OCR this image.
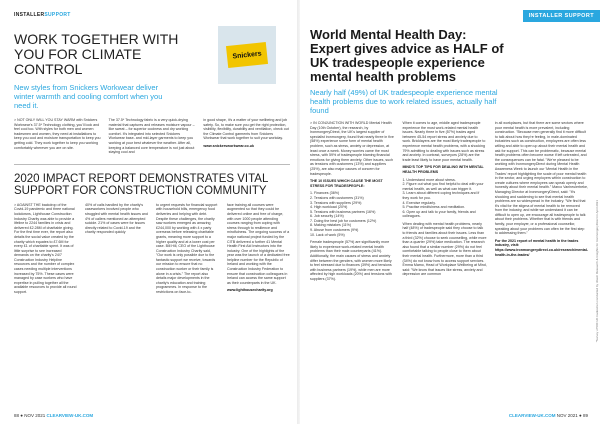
INSTALLERSUPPORT
Snickers
WORK TOGETHER WITH YOU FOR CLIMATE CONTROL
New styles from Snickers Workwear deliver winter warmth and cooling comfort when you need it.

> NOT ONLY WILL YOU STAY WARM with Snickers Workwear's 37.5* Technology clothing, you'll look and feel cool too. With styles for both men and women tradesmen and women, they need at installations to keep you cool and moisture transportation to keep you getting cold. They work together to keep you working comfortably wherever you are on site.

The 37.5* Technology fabric is a very quick-drying material that captures and releases moisture vapour – like sweat – for superior coolness and dry working comfort. It's integrated into selected Snickers Workwear base- and mid-layer garments to keep you working at your best whatever the weather. After all, keeping a balanced core temperature is not just about staying cool and

in good shape, it's a matter of your wellbeing and job safety. So, to make sure you get the right protection, visibility, flexibility, durability and ventilation, check out the Climate Control garments from Snickers Workwear that work together to suit your workday.

www.snickersworkwear.co.uk

2020 IMPACT REPORT DEMONSTRATES VITAL SUPPORT FOR CONSTRUCTION COMMUNITY

> AGAINST THE backdrop of the Covid-19 pandemic and three national lockdowns, Lighthouse Construction Industry Charity was able to provide a lifeline to 2244 families in crisis and delivered £2.28M of charitable giving. For the first time ever, the report also details the social value created by the charity which equates to £7.6M for every £1 of charitable spent. It was of little surprise to see increased demands on the charity's 24/7 Construction Industry Helpline resources and the number of complex cases needing multiple interventions increased by 75%. These cases were managed by case workers who have expertise in pulling together all the available resources to provide all round support.

40% of calls handled by the charity's caseworkers involved people who struggled with mental health issues and 4% of callers mentioned an attempted suicide. 21% of cases were for issues directly related to Covid-19 and the charity responded quickly

to urgent requests for financial support with household bills, emergency food deliveries and helping with debt. Despite these challenges, the charity saw workers emerged as amazing £244,000 by working with 4 x party overseas before releasing charitable grants, meaning more support to a higher quality and at a lower cost per case. Bill Hill, CEO of the Lighthouse Construction Industry Charity said, "Our work is only possible due to the fantastic support we receive, towards our mission to ensure that no construction worker or their family is alone in a crisis." The report also details major developments in the charity's education and training programmes. In response to the restrictions on face-to-

face training all courses were augmented so that they could be delivered online and free of charge, with over 1000 people attending courses ranging from coping with stress through to resilience and mindfulness. The ongoing success of a major national project funded by the CITB delivered a further 41 Mental Health First Aid Instructors into the industry. One of the highlights of the year was the launch of a dedicated free helpline number for the Republic of Ireland and working with the Construction Industry Federation to ensure that construction colleagues in Ireland can access the same support as their counterparts in the UK.

www.lighthousecharity.org

88 ● NOV 2021 CLEARVIEW-UK.COM
INSTALLER
SUPPORT
World Mental Health Day: Expert gives advice as HALF of UK tradespeople experience mental health problems
Nearly half (49%) of UK tradespeople experience mental health problems due to work related issues, actually half found

> IN CONJUNCTION WITH WORLD Mental Health Day (10th October), the research, by IronmongeryDirect, the UK's largest supplier of specialist ironmongery, found that nearly three in five (58%) experience some form of mental health problem, such as stress, anxiety or depression, at least once a week. Money worries came the most stress, with 59% of tradespeople blaming financial emotions for giving them anxiety. Other issues, such as tensions with customers (13%) and suppliers (25%), are also major causes of concern for tradespeople.

THE 10 ISSUES WHICH CAUSE THE MOST STRESS FOR TRADESPEOPLE:

1. Finances (36%)
2. Tensions with customers (31%)
3. Tensions with suppliers (29%)
4. High workload (20%)
5. Tensions with business partners (16%)
6. Job security (14%)
7. Doing the best job for customers (12%)
8. Making mistakes (11%)
9. Abuse from customers (9%)
10. Lack of work (5%)

Female tradespeople (57%) are significantly more likely to experience work-related mental health problems than their male counterparts (41%). Additionally, the main causes of stress and anxiety differ between the genders, with women more likely to feel stressed due to finances (39%) and tensions with business partners (19%), while men are more affected by high workloads (20%) and tensions with suppliers (37%).

When it comes to age, middle aged tradespeople experience the most work-related mental health issues. Nearly three in five (57%) trades aged between 45-54 report stress and anxiety due to work. Bricklayers are the most likely tradespeople to experience mental health problems, with a shocking 79% admitting to dealing with issues such as stress and anxiety. In contrast, surveyors (28%) are the trade least likely to have poor mental health.

MIND'S TOP TIPS FOR DEALING WITH MENTAL HEALTH PROBLEMS

1. Understand more about stress.
2. Figure out what you find helpful to deal with your mental health, as well as what can trigger it.
3. Learn about different coping techniques and if they work for you.
4. Exercise regularly.
5. Practise mindfulness and meditation.
6. Open up and talk to your family, friends and colleagues.

When dealing with mental health problems, nearly half (48%) of tradespeople said they choose to talk to friends and families about their issues. Less than a third (32%) choose to seek counselling, while more than a quarter (29%) take medication. The research also found that a similar number (29%) do not feel comfortable talking to people close to them about their mental health. Furthermore, more than a third (34%) do not know how to access support services. Emma Mamo, Head of Workplace Wellbeing at Mind, said: "We know that issues like stress, anxiety and depression are common

in all workplaces, but that there are some sectors where poor mental health is more prevalent, including construction. "Because men generally find it more difficult to talk about how they're feeling, in male-dominated industries such as construction, employees are often less willing and able to open up about their mental health and ask for support. This can be problematic, because mental health problems often become worse if left untreated, and the consequences can be fatal. "We're pleased to be working with IronmongeryDirect during Mental Health Awareness Week to launch our 'Mental Health in the Trades' report highlighting the scale of poor mental health in the sector, and urging employers within construction to create cultures where employees can speak openly and honestly about their mental health." Marco Vanheulerbeke, Managing Director at IronmongeryDirect, said: "It's shocking and saddening to see that mental health problems are so widespread in the industry. "We find that it's vital for the stigma of mental health to be removed from the industry, and while we understand it can be difficult to open up, we encourage all tradespeople to talk about their problems. Whether that is with friends and family, your employer, or a professional counsellor, speaking about your problems can often be the first step to addressing them."

For the 2021 report of mental health in the trades industry, visit: https://www.ironmongerydirect.co.uk/research/mental-health-in-the-trades/	*Survey of 500 UK tradesmen conducted by 3Gem Research & Insights for IronmongeryDirect in April 2021
CLEARVIEW-UK.COM NOV 2021 ● 89
